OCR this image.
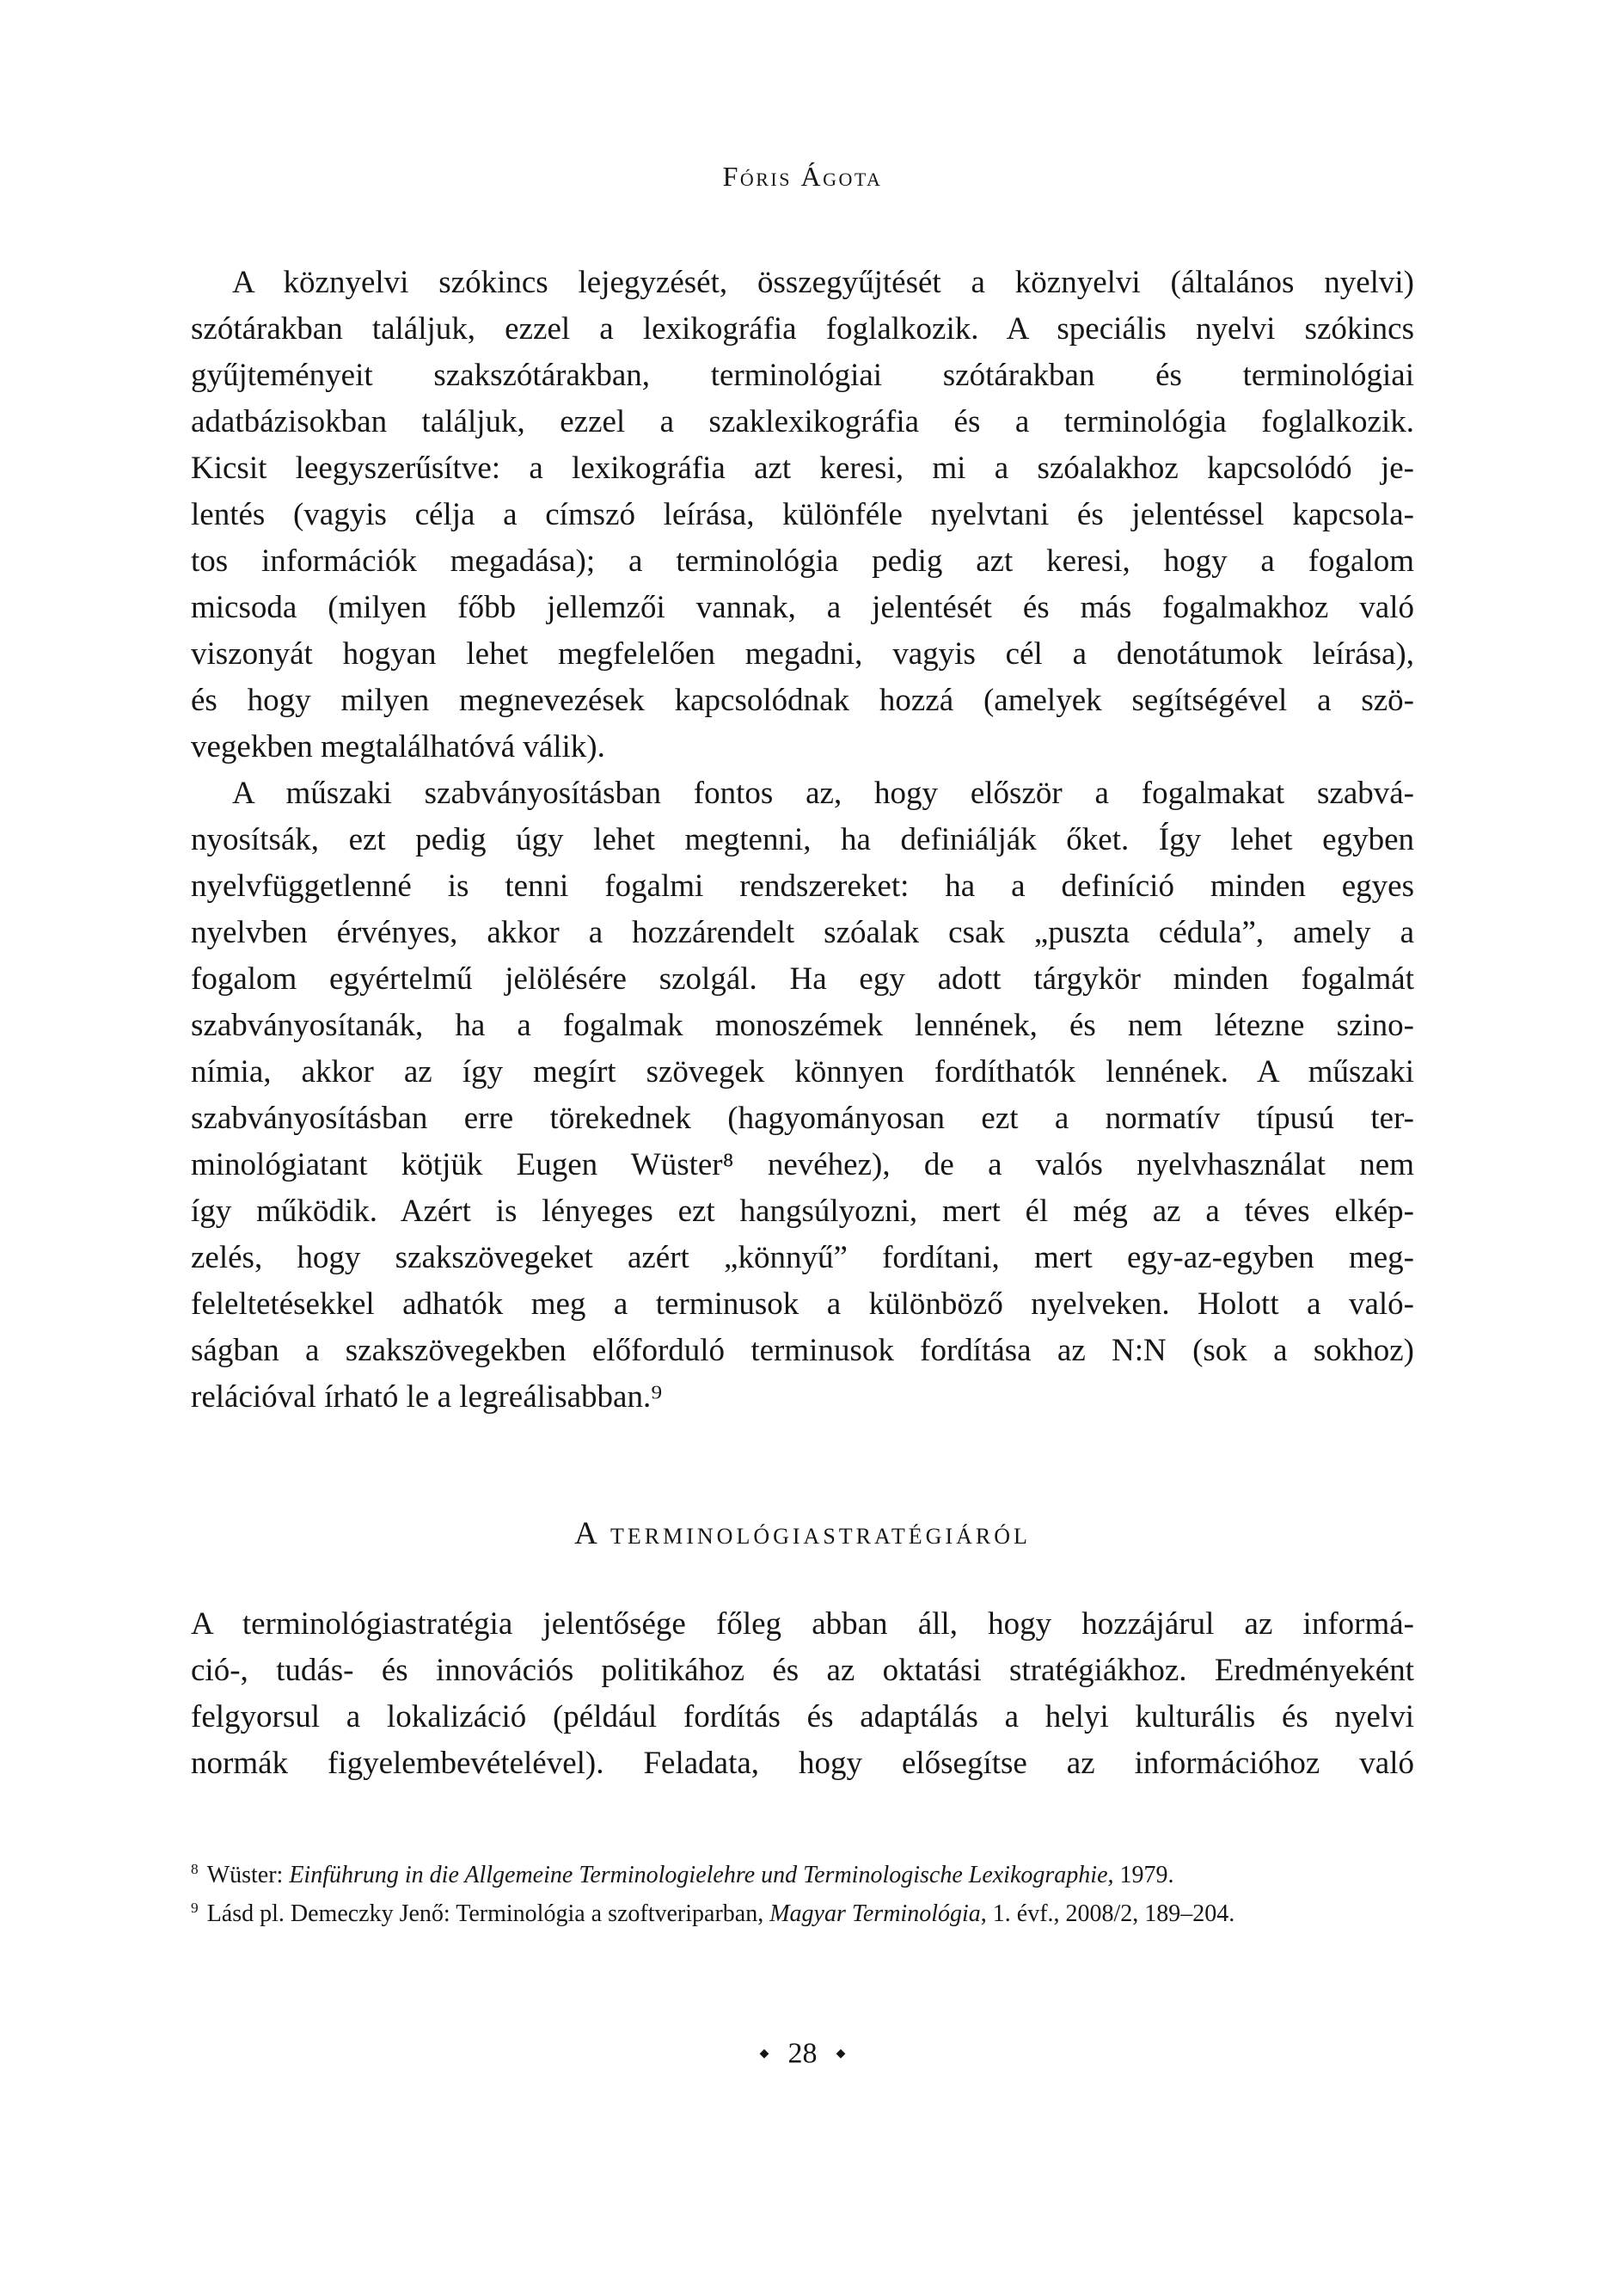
Fóris Ágota
A köznyelvi szókincs lejegyzését, összegyűjtését a köznyelvi (általános nyelvi)
szótárakban találjuk, ezzel a lexikográfia foglalkozik. A speciális nyelvi szókincs
gyűjteményeit szakszótárakban, terminológiai szótárakban és terminológiai
adatbázisokban találjuk, ezzel a szaklexikográfia és a terminológia foglalkozik.
Kicsit leegyszerűsítve: a lexikográfia azt keresi, mi a szóalakhoz kapcsolódó je-
lentés (vagyis célja a címszó leírása, különféle nyelvtani és jelentéssel kapcsola-
tos információk megadása); a terminológia pedig azt keresi, hogy a fogalom
micsoda (milyen főbb jellemzői vannak, a jelentését és más fogalmakhoz való
viszonyát hogyan lehet megfelelően megadni, vagyis cél a denotátumok leírása),
és hogy milyen megnevezések kapcsolódnak hozzá (amelyek segítségével a szö-
vegekben megtalálhatóvá válik).
A műszaki szabványosításban fontos az, hogy először a fogalmakat szabvá-
nyosítsák, ezt pedig úgy lehet megtenni, ha definiálják őket. Így lehet egyben
nyelvfüggetlenné is tenni fogalmi rendszereket: ha a definíció minden egyes
nyelvben érvényes, akkor a hozzárendelt szóalak csak „puszta cédula”, amely a
fogalom egyértelmű jelölésére szolgál. Ha egy adott tárgykör minden fogalmát
szabványosítanák, ha a fogalmak monoszémek lennének, és nem létezne szino-
nímia, akkor az így megírt szövegek könnyen fordíthatók lennének. A műszaki
szabványosításban erre törekednek (hagyományosan ezt a normatív típusú ter-
minológiatant kötjük Eugen Wüster⁸ nevéhez), de a valós nyelvhasználat nem
így működik. Azért is lényeges ezt hangsúlyozni, mert él még az a téves elkép-
zelés, hogy szakszövegeket azért „könnyű” fordítani, mert egy-az-egyben meg-
feleltetésekkel adhatók meg a terminusok a különböző nyelveken. Holott a való-
ságban a szakszövegekben előforduló terminusok fordítása az N:N (sok a sokhoz)
relációval írható le a legreálisabban.⁹
A terminológiastratégiáról
A terminológiastratégia jelentősége főleg abban áll, hogy hozzájárul az informá-
ció-, tudás- és innovációs politikához és az oktatási stratégiákhoz. Eredményeként
felgyorsul a lokalizáció (például fordítás és adaptálás a helyi kulturális és nyelvi
normák figyelembevételével). Feladata, hogy elősegítse az információhoz való
$^8$ Wüster: Einführung in die Allgemeine Terminologielehre und Terminologische Lexikographie, 1979.
$^9$ Lásd pl. Demeczky Jenő: Terminológia a szoftveriparban, Magyar Terminológia, 1. évf., 2008/2, 189–204.
◆ 28 ◆
